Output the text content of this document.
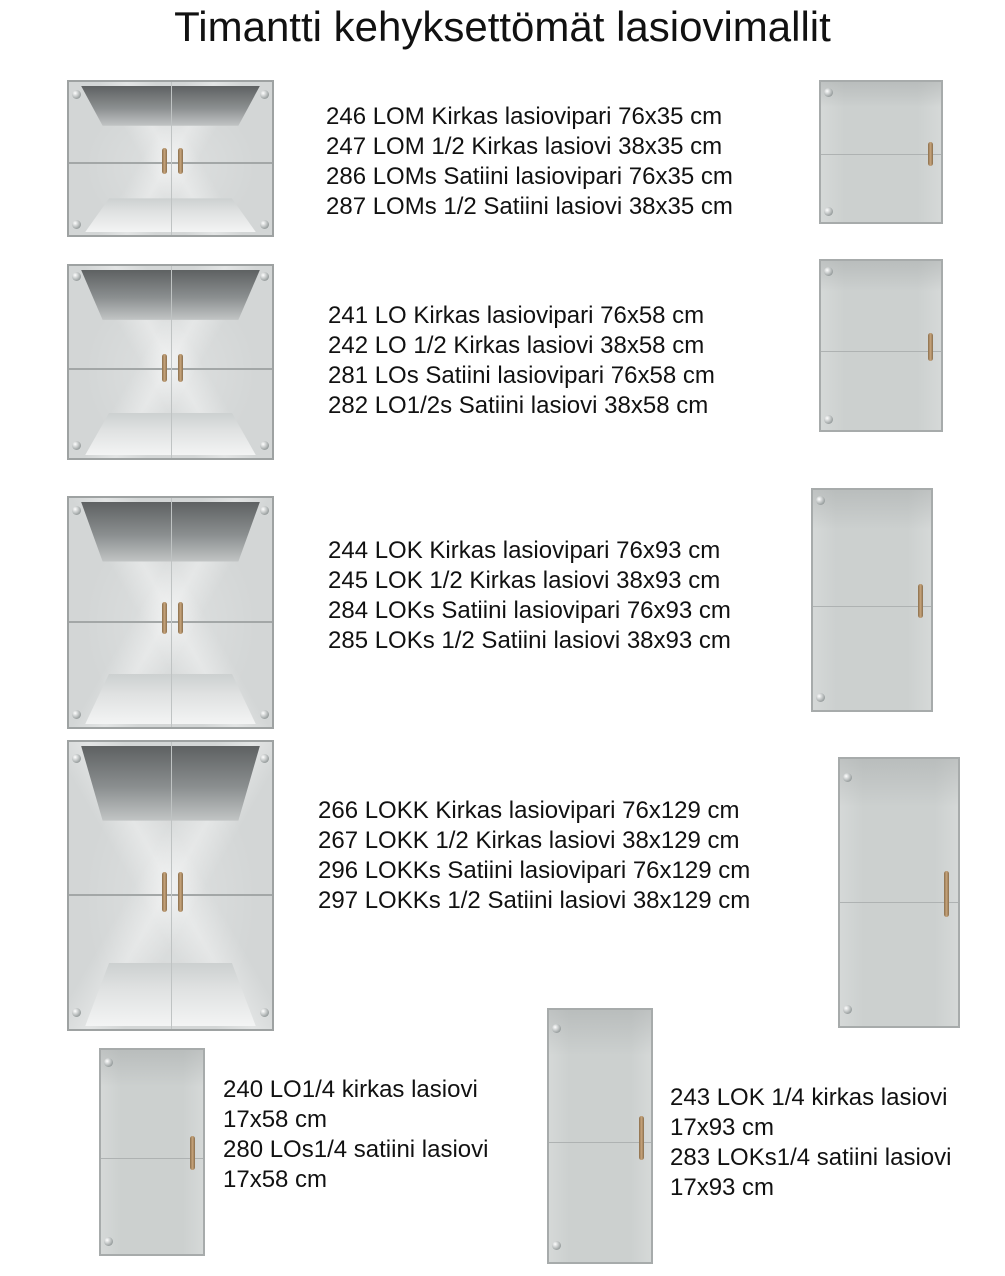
Timantti kehyksettömät lasiovimallit
246 LOM Kirkas lasiovipari 76x35 cm
247 LOM 1/2 Kirkas lasiovi 38x35 cm
286 LOMs Satiini lasiovipari 76x35 cm
287 LOMs 1/2 Satiini lasiovi 38x35 cm
241 LO Kirkas lasiovipari 76x58 cm
242 LO 1/2 Kirkas lasiovi 38x58 cm
281 LOs Satiini lasiovipari 76x58 cm
282 LO1/2s Satiini lasiovi 38x58 cm
244 LOK Kirkas lasiovipari 76x93 cm
245 LOK 1/2 Kirkas lasiovi 38x93 cm
284 LOKs Satiini lasiovipari 76x93 cm
285 LOKs 1/2 Satiini lasiovi 38x93 cm
266 LOKK Kirkas lasiovipari 76x129 cm
267 LOKK 1/2 Kirkas lasiovi 38x129 cm
296 LOKKs Satiini lasiovipari 76x129 cm
297 LOKKs 1/2 Satiini lasiovi 38x129 cm
240 LO1/4 kirkas lasiovi
17x58 cm
280 LOs1/4 satiini lasiovi
17x58 cm
243 LOK 1/4 kirkas lasiovi
17x93 cm
283 LOKs1/4 satiini lasiovi
17x93 cm
